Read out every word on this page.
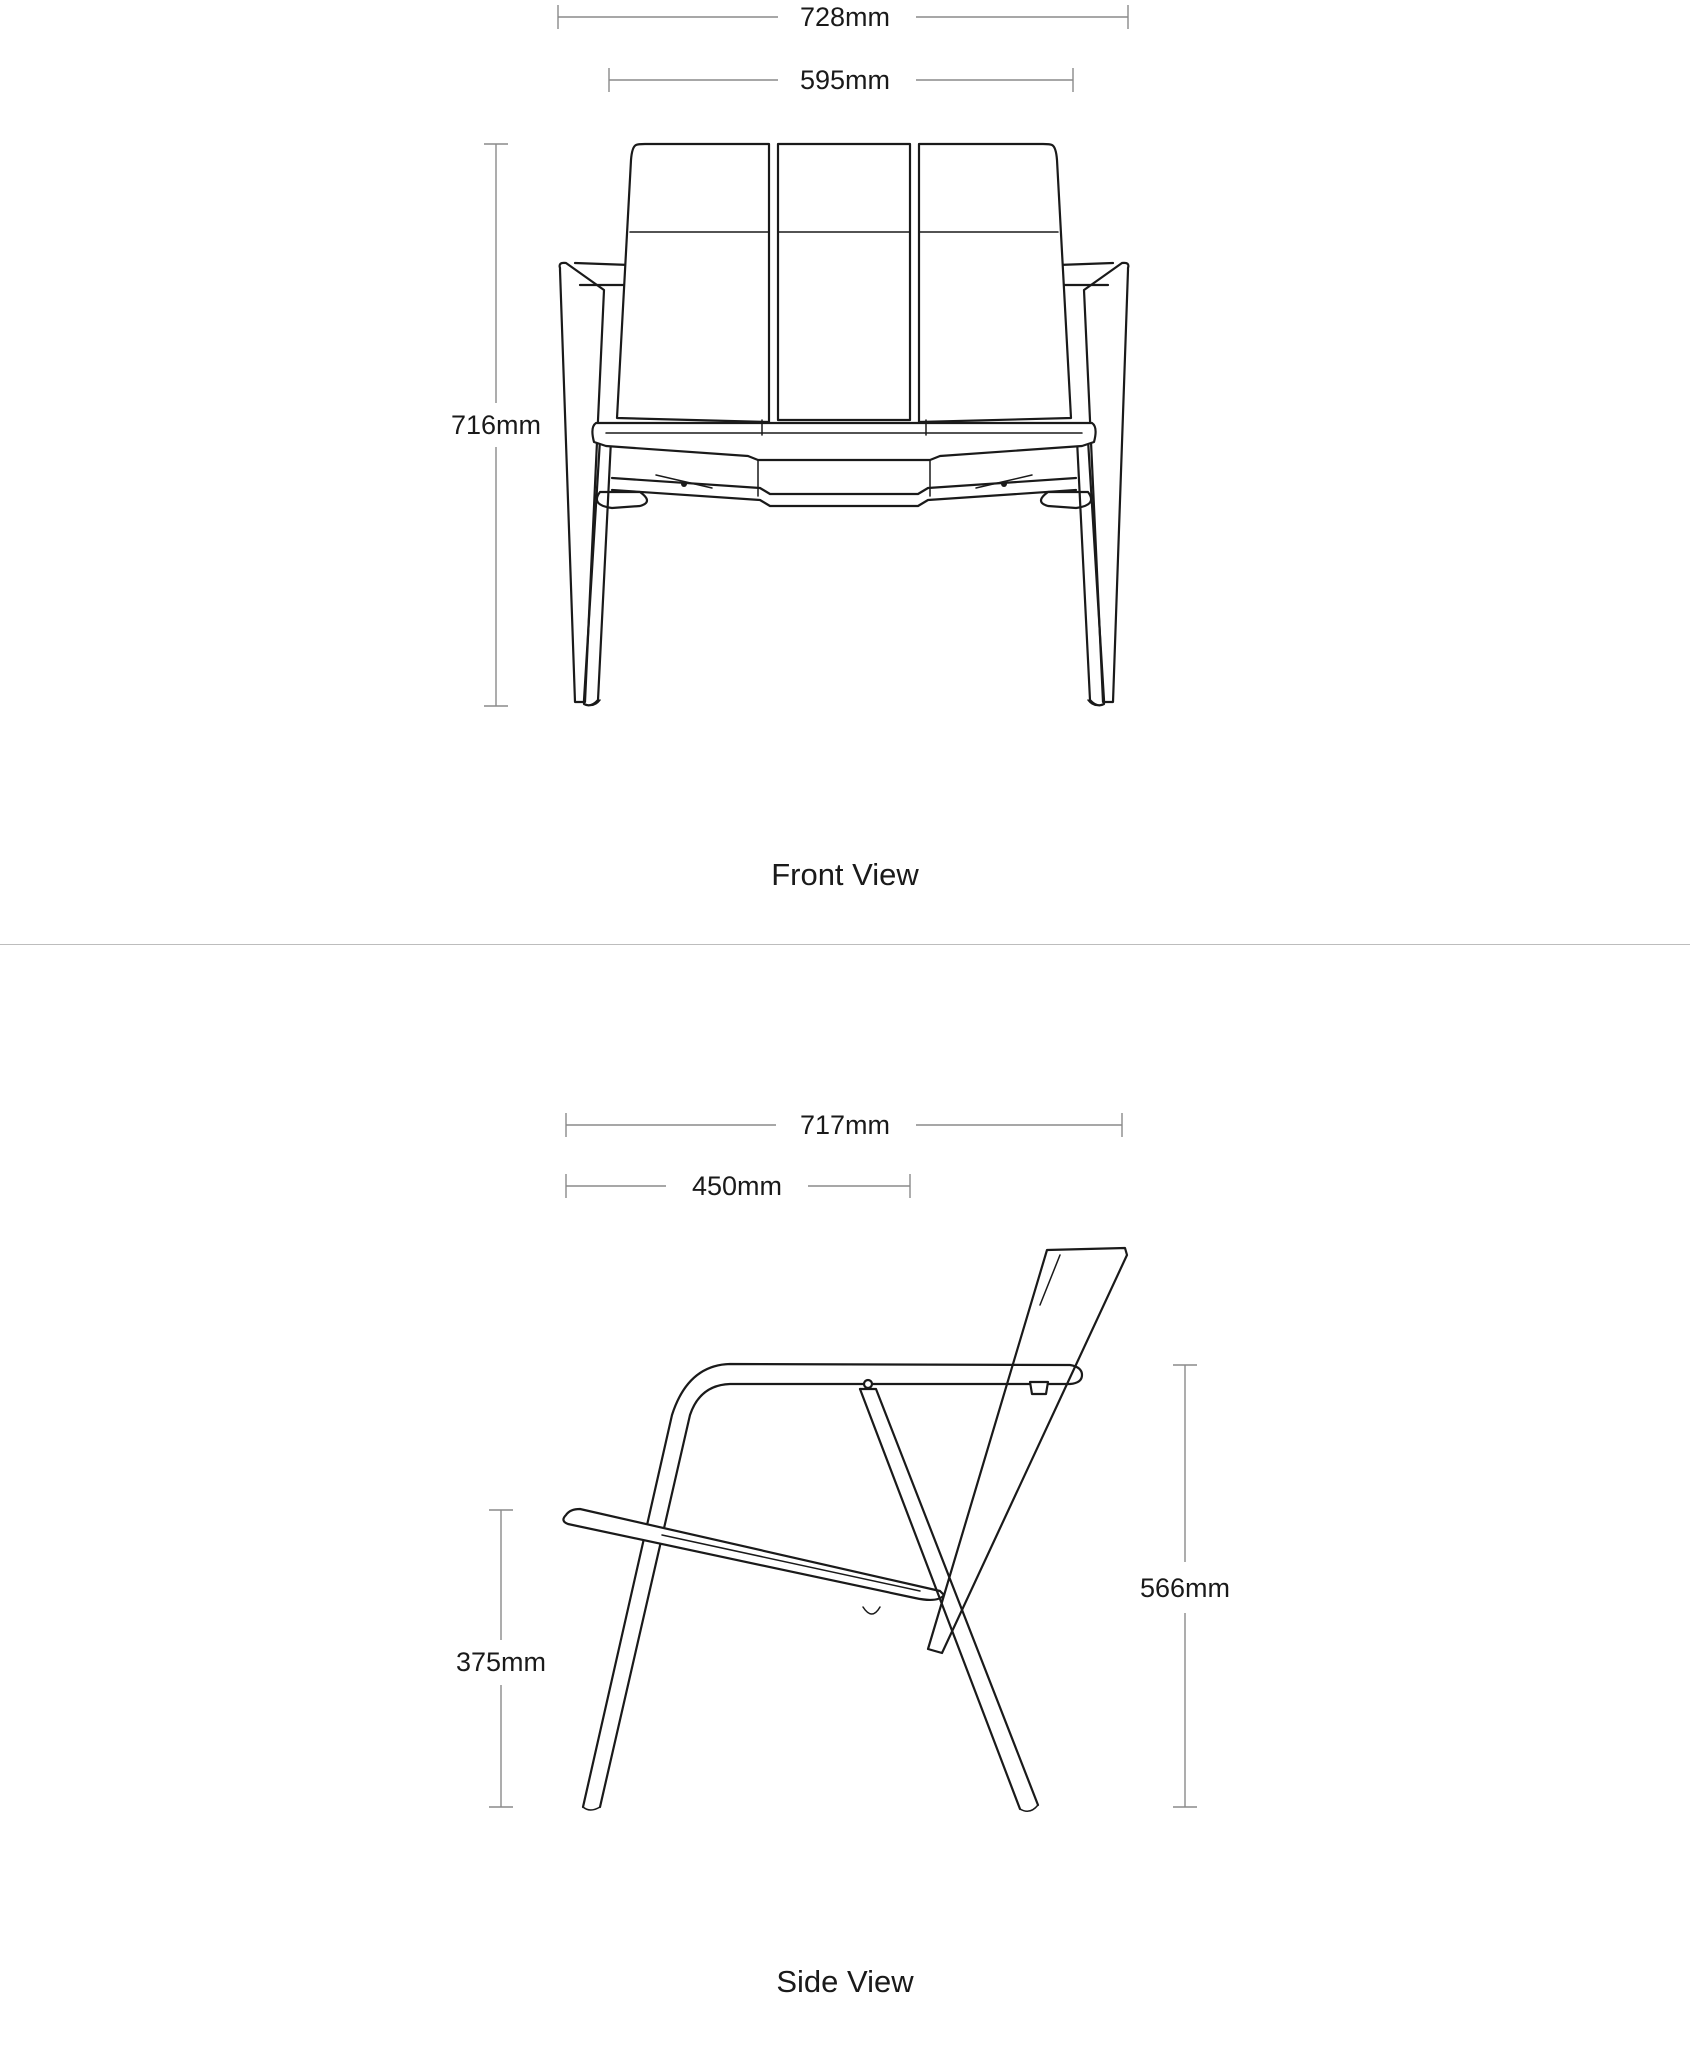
728mm
595mm
716mm
Front View
717mm
450mm
375mm
566mm
Side View
